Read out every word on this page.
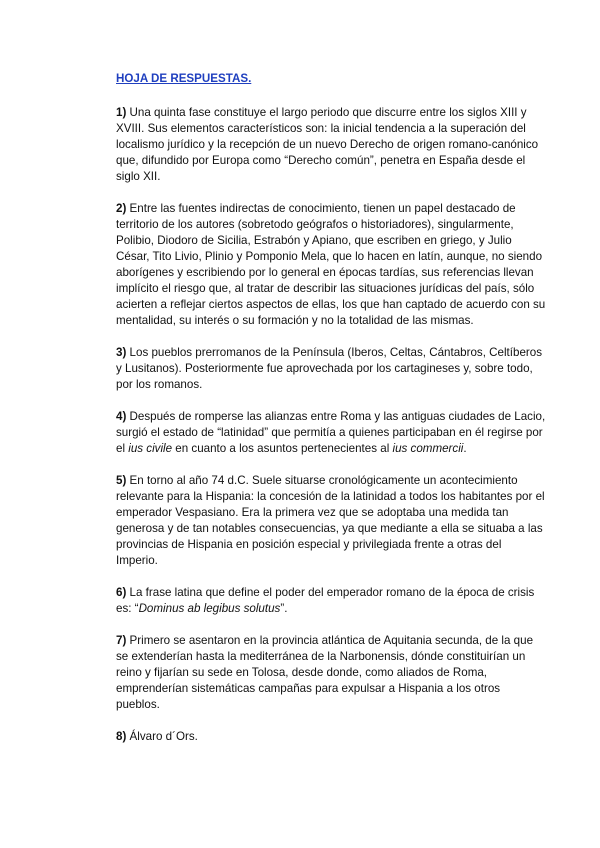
HOJA DE RESPUESTAS.

1) Una quinta fase constituye el largo periodo que discurre entre los siglos XIII y XVIII. Sus elementos característicos son: la inicial tendencia a la superación del localismo jurídico y la recepción de un nuevo Derecho de origen romano-canónico que, difundido por Europa como “Derecho común”, penetra en España desde el siglo XII.

2) Entre las fuentes indirectas de conocimiento, tienen un papel destacado de territorio de los autores (sobretodo geógrafos o historiadores), singularmente, Polibio, Diodoro de Sicilia, Estrabón y Apiano, que escriben en griego, y Julio César, Tito Livio, Plinio y Pomponio Mela, que lo hacen en latín, aunque, no siendo aborígenes y escribiendo por lo general en épocas tardías, sus referencias llevan implícito el riesgo que, al tratar de describir las situaciones jurídicas del país, sólo acierten a reflejar ciertos aspectos de ellas, los que han captado de acuerdo con su mentalidad, su interés o su formación y no la totalidad de las mismas.

3) Los pueblos prerromanos de la Península (Iberos, Celtas, Cántabros, Celtíberos y Lusitanos). Posteriormente fue aprovechada por los cartagineses y, sobre todo, por los romanos.

4) Después de romperse las alianzas entre Roma y las antiguas ciudades de Lacio, surgió el estado de “latinidad” que permitía a quienes participaban en él regirse por el ius civile en cuanto a los asuntos pertenecientes al ius commercii.

5) En torno al año 74 d.C. Suele situarse cronológicamente un acontecimiento relevante para la Hispania: la concesión de la latinidad a todos los habitantes por el emperador Vespasiano. Era la primera vez que se adoptaba una medida tan generosa y de tan notables consecuencias, ya que mediante a ella se situaba a las provincias de Hispania en posición especial y privilegiada frente a otras del Imperio.

6) La frase latina que define el poder del emperador romano de la época de crisis es: “Dominus ab legibus solutus”.

7) Primero se asentaron en la provincia atlántica de Aquitania secunda, de la que se extenderían hasta la mediterránea de la Narbonensis, dónde constituirían un reino y fijarían su sede en Tolosa, desde donde, como aliados de Roma, emprenderían sistemáticas campañas para expulsar a Hispania a los otros pueblos.

8) Álvaro d´Ors.
